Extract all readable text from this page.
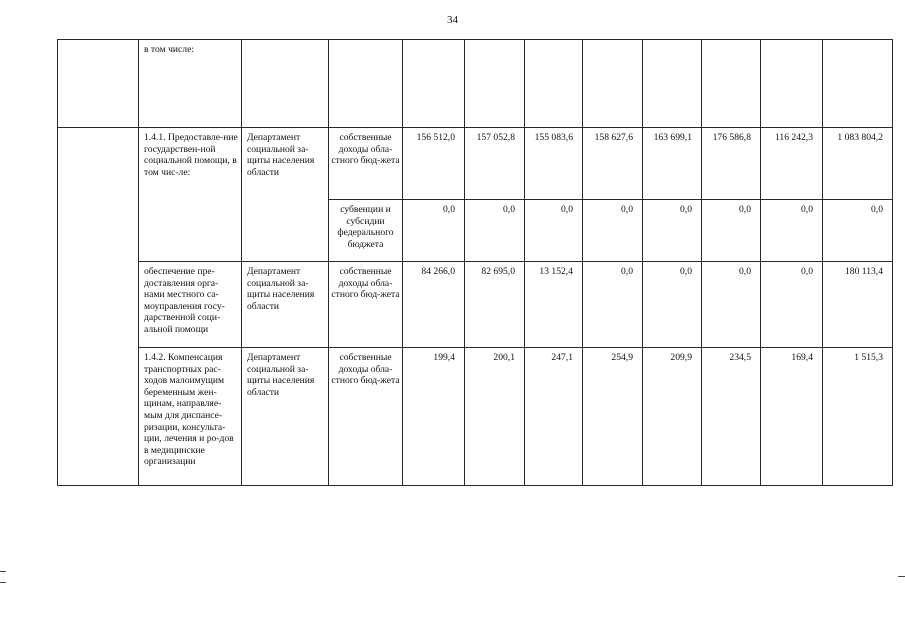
34
	в том числе:										
	1.4.1. Предоставле-ние государствен-ной социальной помощи, в том чис-ле:	Департамент социальной за-щиты населения области	собственные доходы обла-стного бюд-жета	156 512,0	157 052,8	155 083,6	158 627,6	163 699,1	176 586,8	116 242,3	1 083 804,2
			субвенции и субсидии федерального бюджета	0,0	0,0	0,0	0,0	0,0	0,0	0,0	0,0
	обеспечение пре-доставления орга-нами местного са-моуправления госу-дарственной соци-альной помощи	Департамент социальной за-щиты населения области	собственные доходы обла-стного бюд-жета	84 266,0	82 695,0	13 152,4	0,0	0,0	0,0	0,0	180 113,4
	1.4.2. Компенсация транспортных рас-ходов малоимущим беременным жен-щинам, направляе-мым для диспансе-ризации, консульта-ции, лечения и ро-дов в медицинские организации	Департамент социальной за-щиты населения области	собственные доходы обла-стного бюд-жета	199,4	200,1	247,1	254,9	209,9	234,5	169,4	1 515,3
